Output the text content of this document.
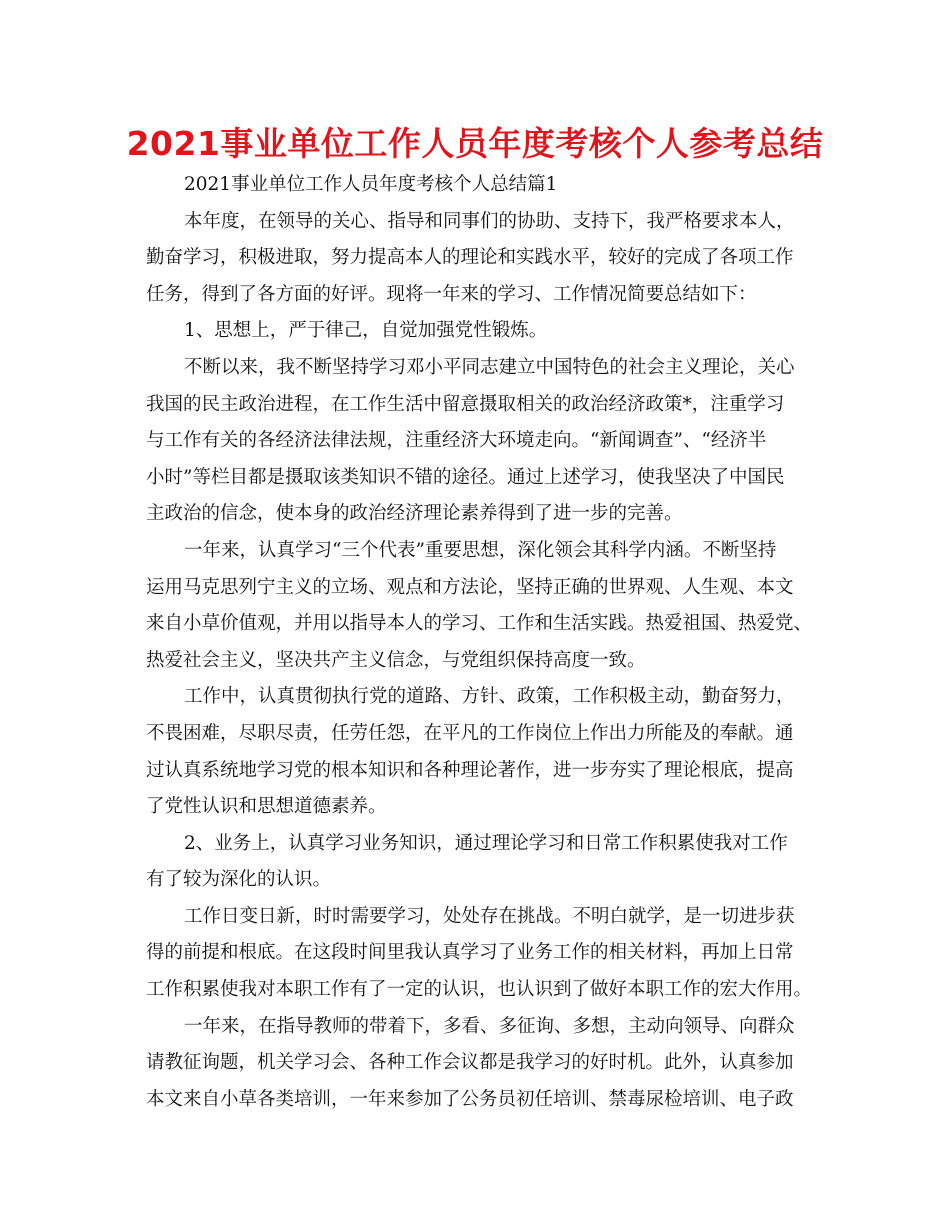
2021事业单位工作人员年度考核个人参考总结
2021事业单位工作人员年度考核个人总结篇1
本年度，在领导的关心、指导和同事们的协助、支持下，我严格要求本人，
勤奋学习，积极进取，努力提高本人的理论和实践水平，较好的完成了各项工作
任务，得到了各方面的好评。现将一年来的学习、工作情况简要总结如下：
1、思想上，严于律己，自觉加强党性锻炼。
不断以来，我不断坚持学习邓小平同志建立中国特色的社会主义理论，关心
我国的民主政治进程，在工作生活中留意摄取相关的政治经济政策*，注重学习
与工作有关的各经济法律法规，注重经济大环境走向。“新闻调查”、“经济半
小时”等栏目都是摄取该类知识不错的途径。通过上述学习，使我坚决了中国民
主政治的信念，使本身的政治经济理论素养得到了进一步的完善。
一年来，认真学习“三个代表”重要思想，深化领会其科学内涵。不断坚持
运用马克思列宁主义的立场、观点和方法论，坚持正确的世界观、人生观、本文
来自小草价值观，并用以指导本人的学习、工作和生活实践。热爱祖国、热爱党、
热爱社会主义，坚决共产主义信念，与党组织保持高度一致。
工作中，认真贯彻执行党的道路、方针、政策，工作积极主动，勤奋努力，
不畏困难，尽职尽责，任劳任怨，在平凡的工作岗位上作出力所能及的奉献。通
过认真系统地学习党的根本知识和各种理论著作，进一步夯实了理论根底，提高
了党性认识和思想道德素养。
2、业务上，认真学习业务知识，通过理论学习和日常工作积累使我对工作
有了较为深化的认识。
工作日变日新，时时需要学习，处处存在挑战。不明白就学，是一切进步获
得的前提和根底。在这段时间里我认真学习了业务工作的相关材料，再加上日常
工作积累使我对本职工作有了一定的认识，也认识到了做好本职工作的宏大作用。
一年来，在指导教师的带着下，多看、多征询、多想，主动向领导、向群众
请教征询题，机关学习会、各种工作会议都是我学习的好时机。此外，认真参加
本文来自小草各类培训，一年来参加了公务员初任培训、禁毒尿检培训、电子政
